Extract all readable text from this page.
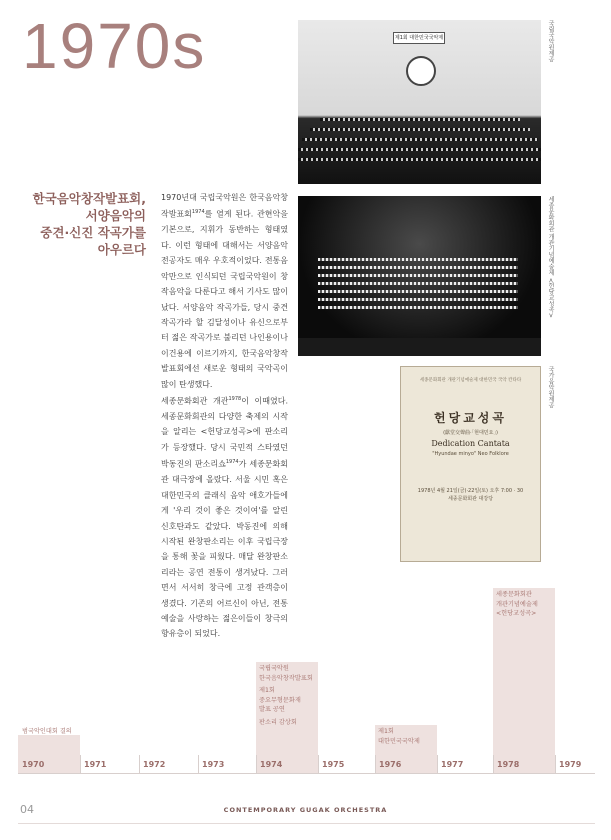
1970s	제1회 대한민국국악제	국립국악원제공
세종문화회관 개관기념예술제 <헌당교성곡>
세종문화회관 개관기념예술제 대한민국 국악 칸타타
헌당교성곡
(獻堂交聲曲·「현대민요」)
Dedication Cantata
"Hyundae minyo" Neo Folklore
1978년 4월 21일(금)·22일(토) 오후 7:00 · 30
세종문화회관 대강당
국가음악원제공
한국음악창작발표회,
서양음악의
중견·신진 작곡가를
아우르다

1970년대 국립국악원은 한국음악창작발표회$^{1974}$를 열게 된다. 관현악을 기본으로, 지휘가 동반하는 형태였다. 이런 형태에 대해서는 서양음악 전공자도 매우 우호적이었다. 전통음악만으로 인식되던 국립국악원이 창작음악을 다룬다고 해서 기사도 많이 났다. 서양음악 작곡가들, 당시 중견 작곡가라 할 김달성이나 유신으로부터 젊은 작곡가로 불리던 나인용이나 이건용에 이르기까지, 한국음악창작발표회에선 새로운 형태의 국악곡이 많이 탄생했다.

세종문화회관 개관$^{1978}$이 이때였다. 세종문화회관의 다양한 축제의 시작을 알리는 <헌당교성곡>에 판소리가 등장했다. 당시 국민적 스타였던 박동진의 판소리쇼$^{1974}$가 세종문화회관 대극장에 올랐다. 서울 시민 혹은 대한민국의 클래식 음악 애호가들에게 '우리 것이 좋은 것이여'를 알린 신호탄과도 같았다. 박동진에 의해 시작된 완창판소리는 이후 국립극장을 통해 꽃을 피웠다. 매달 완창판소리라는 공연 전통이 생겨났다. 그러면서 서서히 창극에 고정 관객층이 생겼다. 기존의 어르신이 아닌, 전통예술을 사랑하는 젊은이들이 창극의 향유층이 되었다.

범국악인대회 결의
국립국악원
한국음악창작발표회
제1회
중요무형문화재
발표 공연
판소리 감상회
제1회
대한민국국악제
세종문화회관
개관기념예술제
<헌당교성곡>
1970	1971	1972	1973	1974	1975	1976	1977	1978	1979
04	CONTEMPORARY GUGAK ORCHESTRA
